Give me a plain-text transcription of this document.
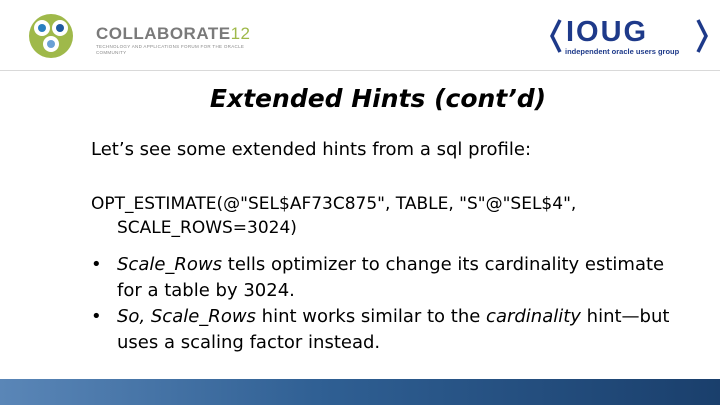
COLLABORATE12
TECHNOLOGY AND APPLICATIONS FORUM FOR THE ORACLE COMMUNITY
IOUG
independent oracle users group
Extended Hints (cont’d)
Let’s see some extended hints from a sql profile:
OPT_ESTIMATE(@"SEL$AF73C875", TABLE, "S"@"SEL$4",
SCALE_ROWS=3024)
• Scale_Rows tells optimizer to change its cardinality estimate for a table by 3024.
• So, Scale_Rows hint works similar to the cardinality hint—but uses a scaling factor instead.
